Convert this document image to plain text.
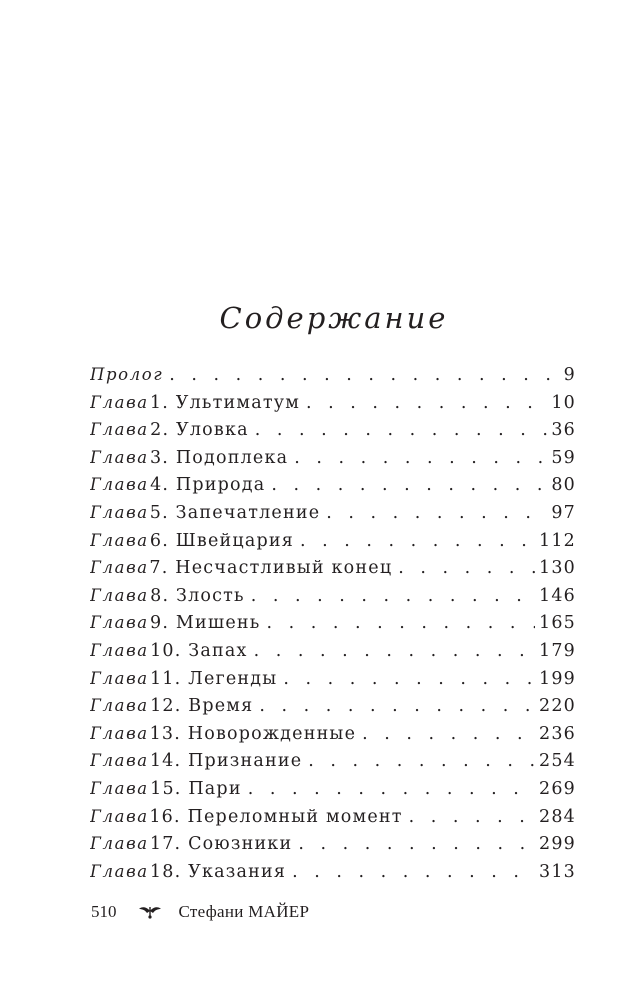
Содержание
Пролог . . .	9
Глава 1. Ультиматум . . .	10
Глава 2. Уловка . . .	36
Глава 3. Подоплека . . .	59
Глава 4. Природа . . .	80
Глава 5. Запечатление . . .	97
Глава 6. Швейцария . . .	112
Глава 7. Несчастливый конец . . .	130
Глава 8. Злость . . .	146
Глава 9. Мишень . . .	165
Глава 10. Запах . . .	179
Глава 11. Легенды . . .	199
Глава 12. Время . . .	220
Глава 13. Новорожденные . . .	236
Глава 14. Признание . . .	254
Глава 15. Пари . . .	269
Глава 16. Переломный момент . . .	284
Глава 17. Союзники . . .	299
Глава 18. Указания . . .	313
510	Стефани МАЙЕР
